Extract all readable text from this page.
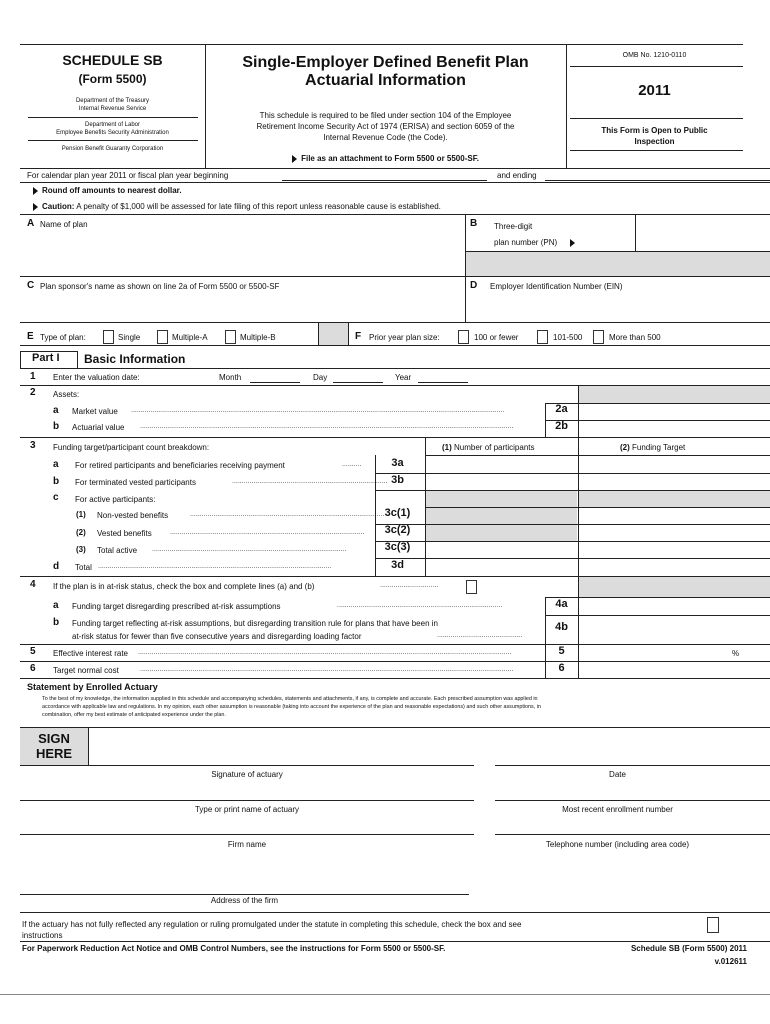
SCHEDULE SB
(Form 5500)
Department of the Treasury
Internal Revenue Service
Department of Labor
Employee Benefits Security Administration
Pension Benefit Guaranty Corporation
Single-Employer Defined Benefit Plan
Actuarial Information
This schedule is required to be filed under section 104 of the Employee
Retirement Income Security Act of 1974 (ERISA) and section 6059 of the
Internal Revenue Code (the Code).
File as an attachment to Form 5500 or 5500-SF.
OMB No. 1210-0110
2011
This Form is Open to Public
Inspection
For calendar plan year 2011 or fiscal plan year beginning	and ending
Round off amounts to nearest dollar.
Caution: A penalty of $1,000 will be assessed for late filing of this report unless reasonable cause is established.
A Name of plan	B Three-digit
plan number (PN)
C Plan sponsor's name as shown on line 2a of Form 5500 or 5500-SF	D Employer Identification Number (EIN)
E Type of plan:	Single	Multiple-A	Multiple-B	F Prior year plan size:	100 or fewer	101-500	More than 500
Part I Basic Information
1 Enter the valuation date:	Month	Day	Year
2 Assets:
a Market value ................................................................................................................................................................................................	2a
b Actuarial value ................................................................................................................................................................................................	2b
3 Funding target/participant count breakdown:	(1) Number of participants	(2) Funding Target
a For retired participants and beneficiaries receiving payment	..........	3a
b For terminated vested participants	................................................................................ 3b
c For active participants:
(1) Non-vested benefits	.................................................................................................... 3c(1)
(2) Vested benefits	....................................................................................................	3c(2)
(3) Total active ....................................................................................................	3c(3)
d Total ........................................................................................................................	3d
4 If the plan is in at-risk status, check the box and complete lines (a) and (b)	..............................
a Funding target disregarding prescribed at-risk assumptions	.....................................................................................	4a
b Funding target reflecting at-risk assumptions, but disregarding transition rule for plans that have been in
at-risk status for fewer than five consecutive years and disregarding loading factor	............................................
4b
5 Effective interest rate ................................................................................................................................................................................................	5	%
6 Target normal cost	................................................................................................................................................................................................	6
Statement by Enrolled Actuary
To the best of my knowledge, the information supplied in this schedule and accompanying schedules, statements and attachments, if any, is complete and accurate. Each prescribed assumption was applied in
accordance with applicable law and regulations. In my opinion, each other assumption is reasonable (taking into account the experience of the plan and reasonable expectations) and such other assumptions, in
combination, offer my best estimate of anticipated experience under the plan.
SIGN
HERE
Signature of actuary	Date
Type or print name of actuary	Most recent enrollment number
Firm name	Telephone number (including area code)
Address of the firm
If the actuary has not fully reflected any regulation or ruling promulgated under the statute in completing this schedule, check the box and see
instructions
For Paperwork Reduction Act Notice and OMB Control Numbers, see the instructions for Form 5500 or 5500-SF.	Schedule SB (Form 5500) 2011
v.012611
